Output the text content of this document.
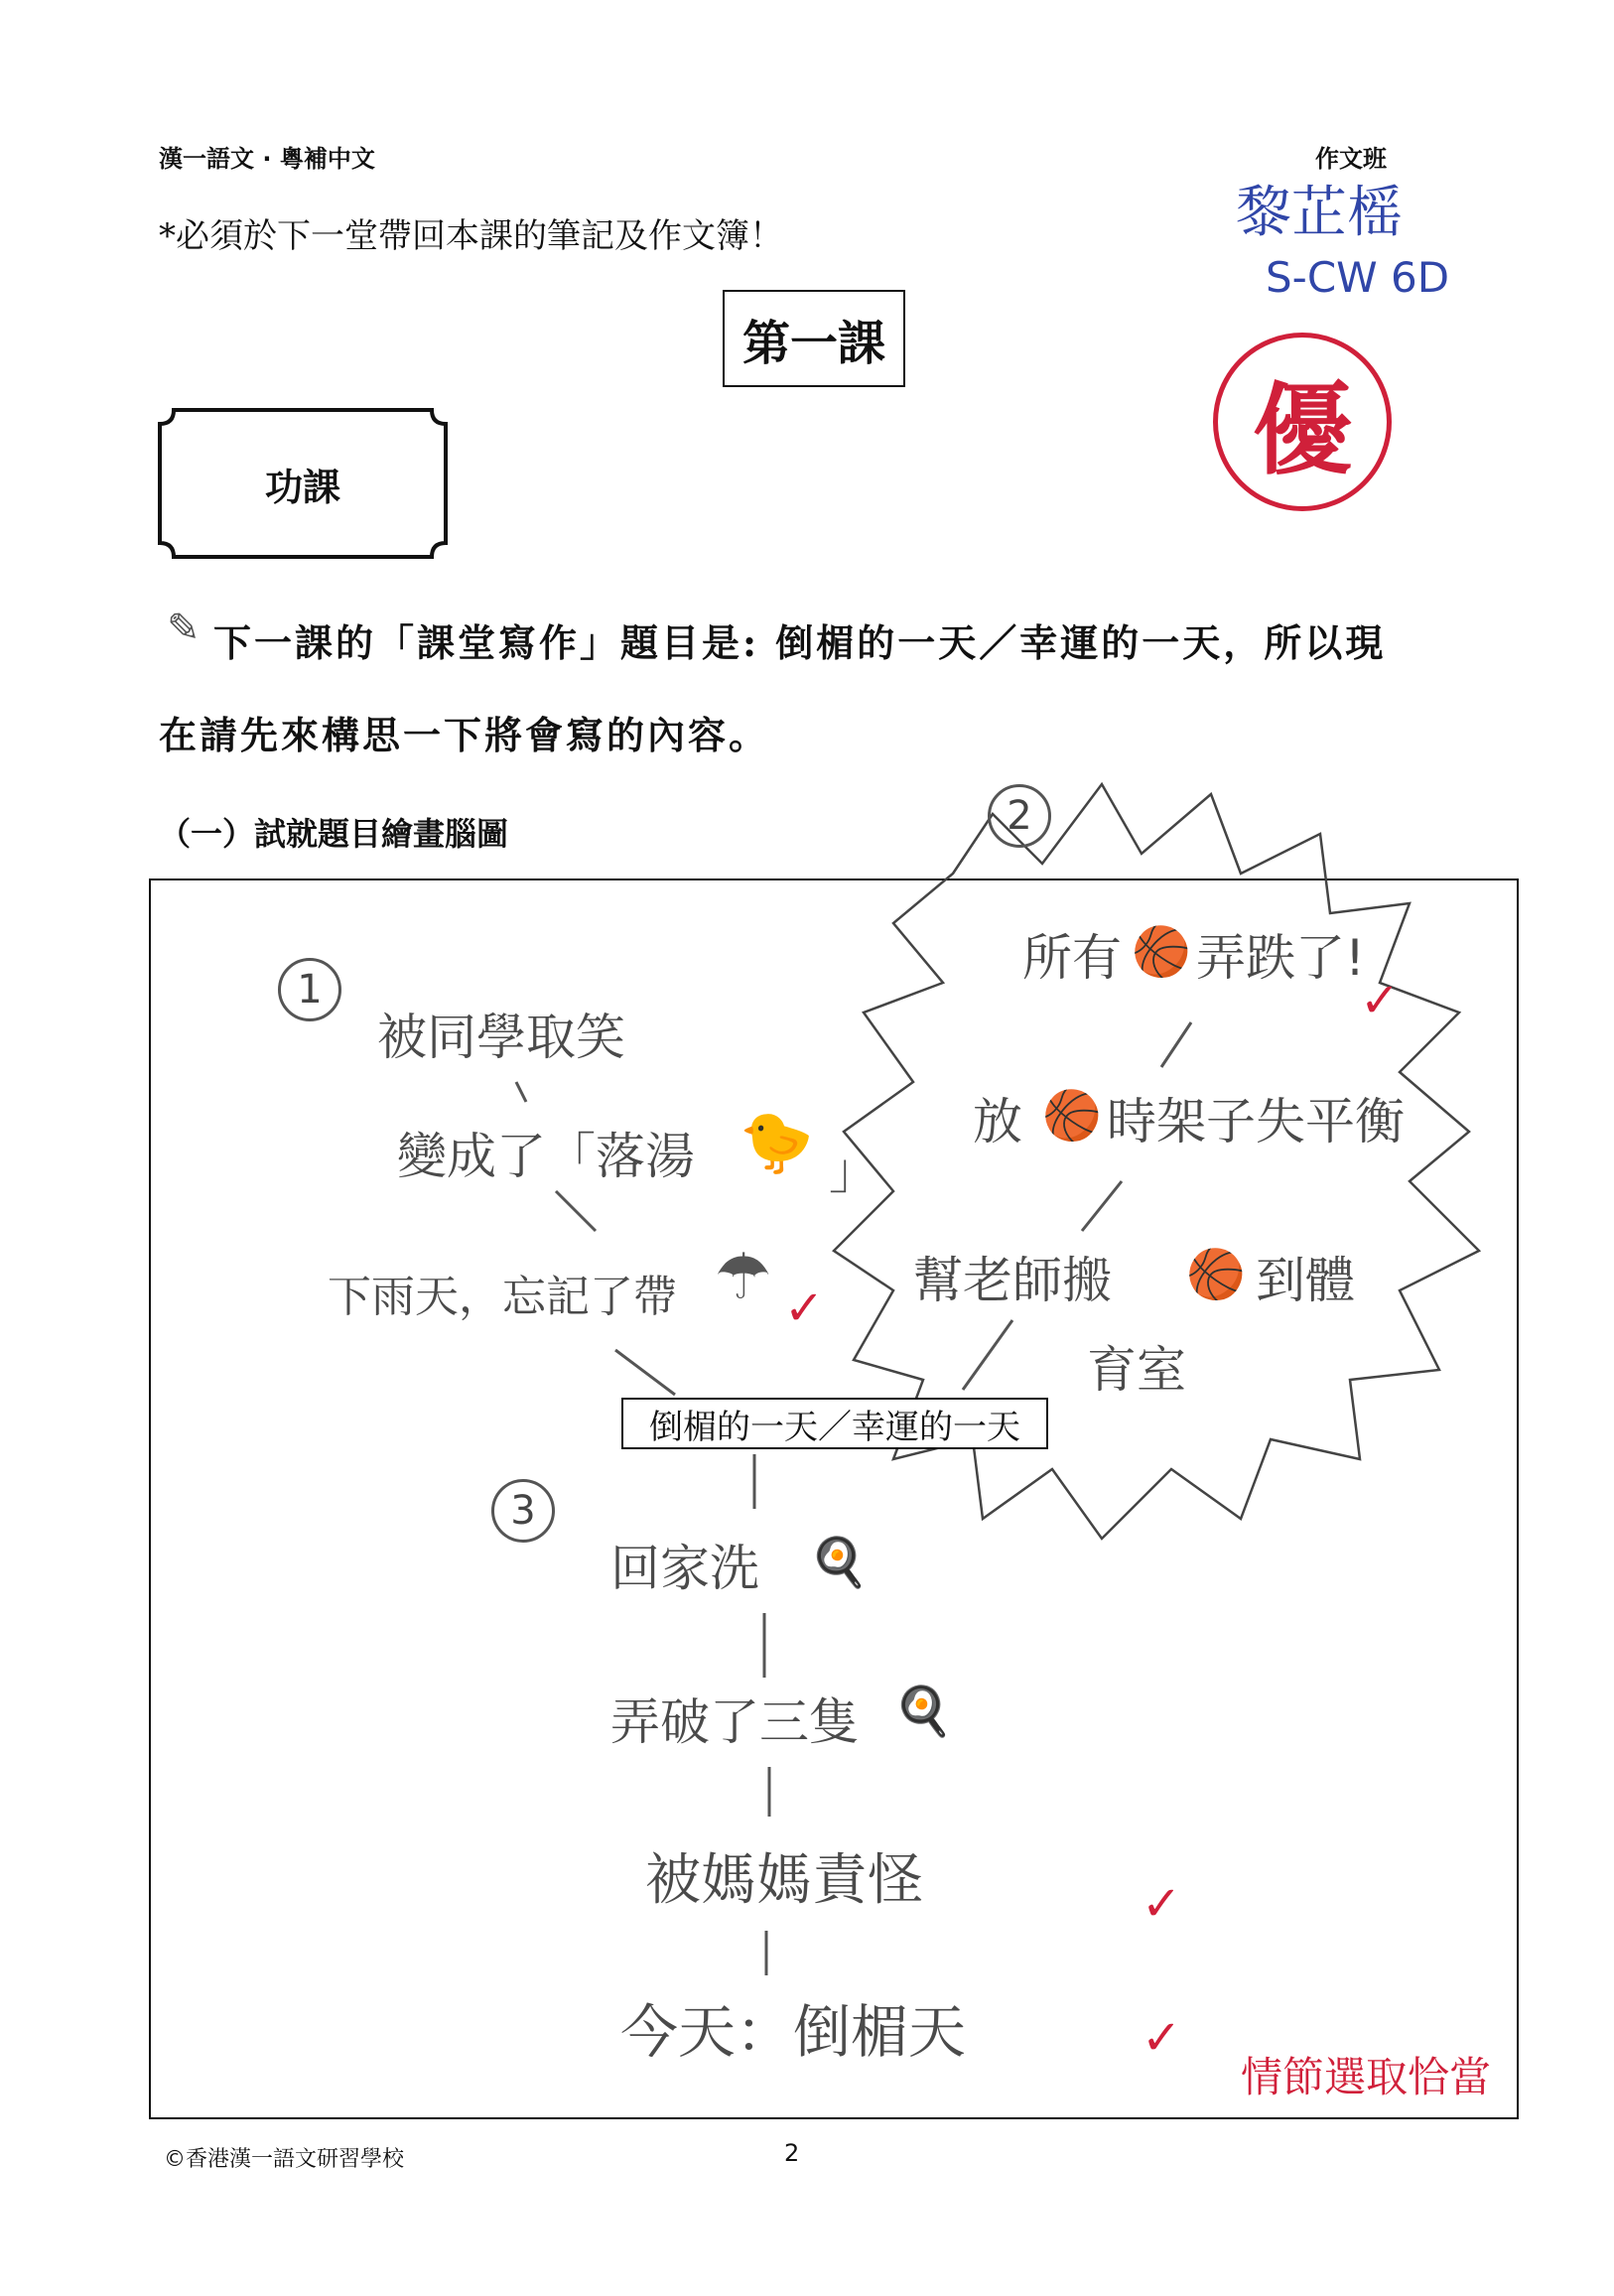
漢一語文 · 粵補中文	作文班
黎芷榣
S-CW 6D
優
*必須於下一堂帶回本課的筆記及作文簿！
第一課
功課
✎ 下一課的「課堂寫作」題目是: 倒楣的一天／幸運的一天，所以現
在請先來構思一下將會寫的內容。
（一）試就題目繪畫腦圖
倒楣的一天／幸運的一天
1
被同學取笑
變成了「落湯 🐤 」
下雨天，忘記了帶 ☂ ✓
2
所有 🏀 弄跌了!
✓
放 🏀 時架子失平衡
幫老師搬 🏀 到體
育室
3
回家洗 🍳
弄破了三隻 🍳
被媽媽責怪	✓
今天：倒楣天	✓
情節選取恰當
©香港漢一語文研習學校	2
